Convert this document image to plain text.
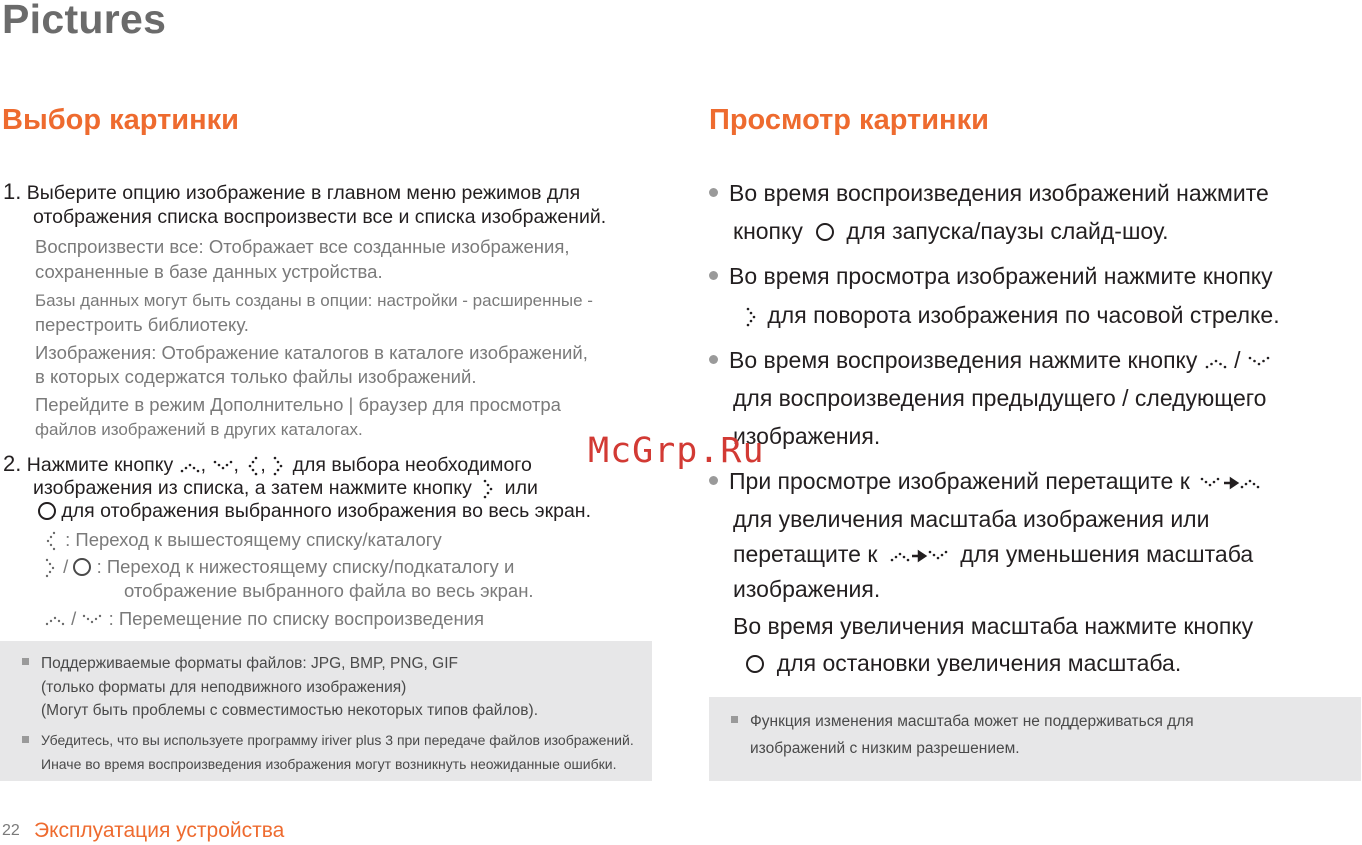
Pictures
Выбор картинки
1. Выберите опцию изображение в главном меню режимов для
отображения списка воспроизвести все и списка изображений.
Воспроизвести все: Отображает все созданные изображения,
сохраненные в базе данных устройства.
Базы данных могут быть созданы в опции: настройки - расширенные -
перестроить библиотеку.
Изображения: Отображение каталогов в каталоге изображений,
в которых содержатся только файлы изображений.
Перейдите в режим Дополнительно | браузер для просмотра
файлов изображений в других каталогах.
2. Нажмите кнопку , , ,  для выбора необходимого
изображения из списка, а затем нажмите кнопку или
для отображения выбранного изображения во весь экран.
: Переход к вышестоящему списку/каталогу
/  : Переход к нижестоящему списку/подкаталогу и
отображение выбранного файла во весь экран.
/  : Перемещение по списку воспроизведения
Поддерживаемые форматы файлов: JPG, BMP, PNG, GIF
(только форматы для неподвижного изображения)
(Могут быть проблемы с совместимостью некоторых типов файлов).
Убедитесь, что вы используете программу iriver plus 3 при передаче файлов изображений.
Иначе во время воспроизведения изображения могут возникнуть неожиданные ошибки.
Просмотр картинки
Во время воспроизведения изображений нажмите
кнопку для запуска/паузы слайд-шоу.
Во время просмотра изображений нажмите кнопку
для поворота изображения по часовой стрелке.
Во время воспроизведения нажмите кнопку  /
для воспроизведения предыдущего / следующего
изображения.
При просмотре изображений перетащите к
для увеличения масштаба изображения или
перетащите к	для уменьшения масштаба
изображения.
Во время увеличения масштаба нажмите кнопку
для остановки увеличения масштаба.
Функция изменения масштаба может не поддерживаться для
изображений с низким разрешением.
McGrp.Ru
22 Эксплуатация устройства
